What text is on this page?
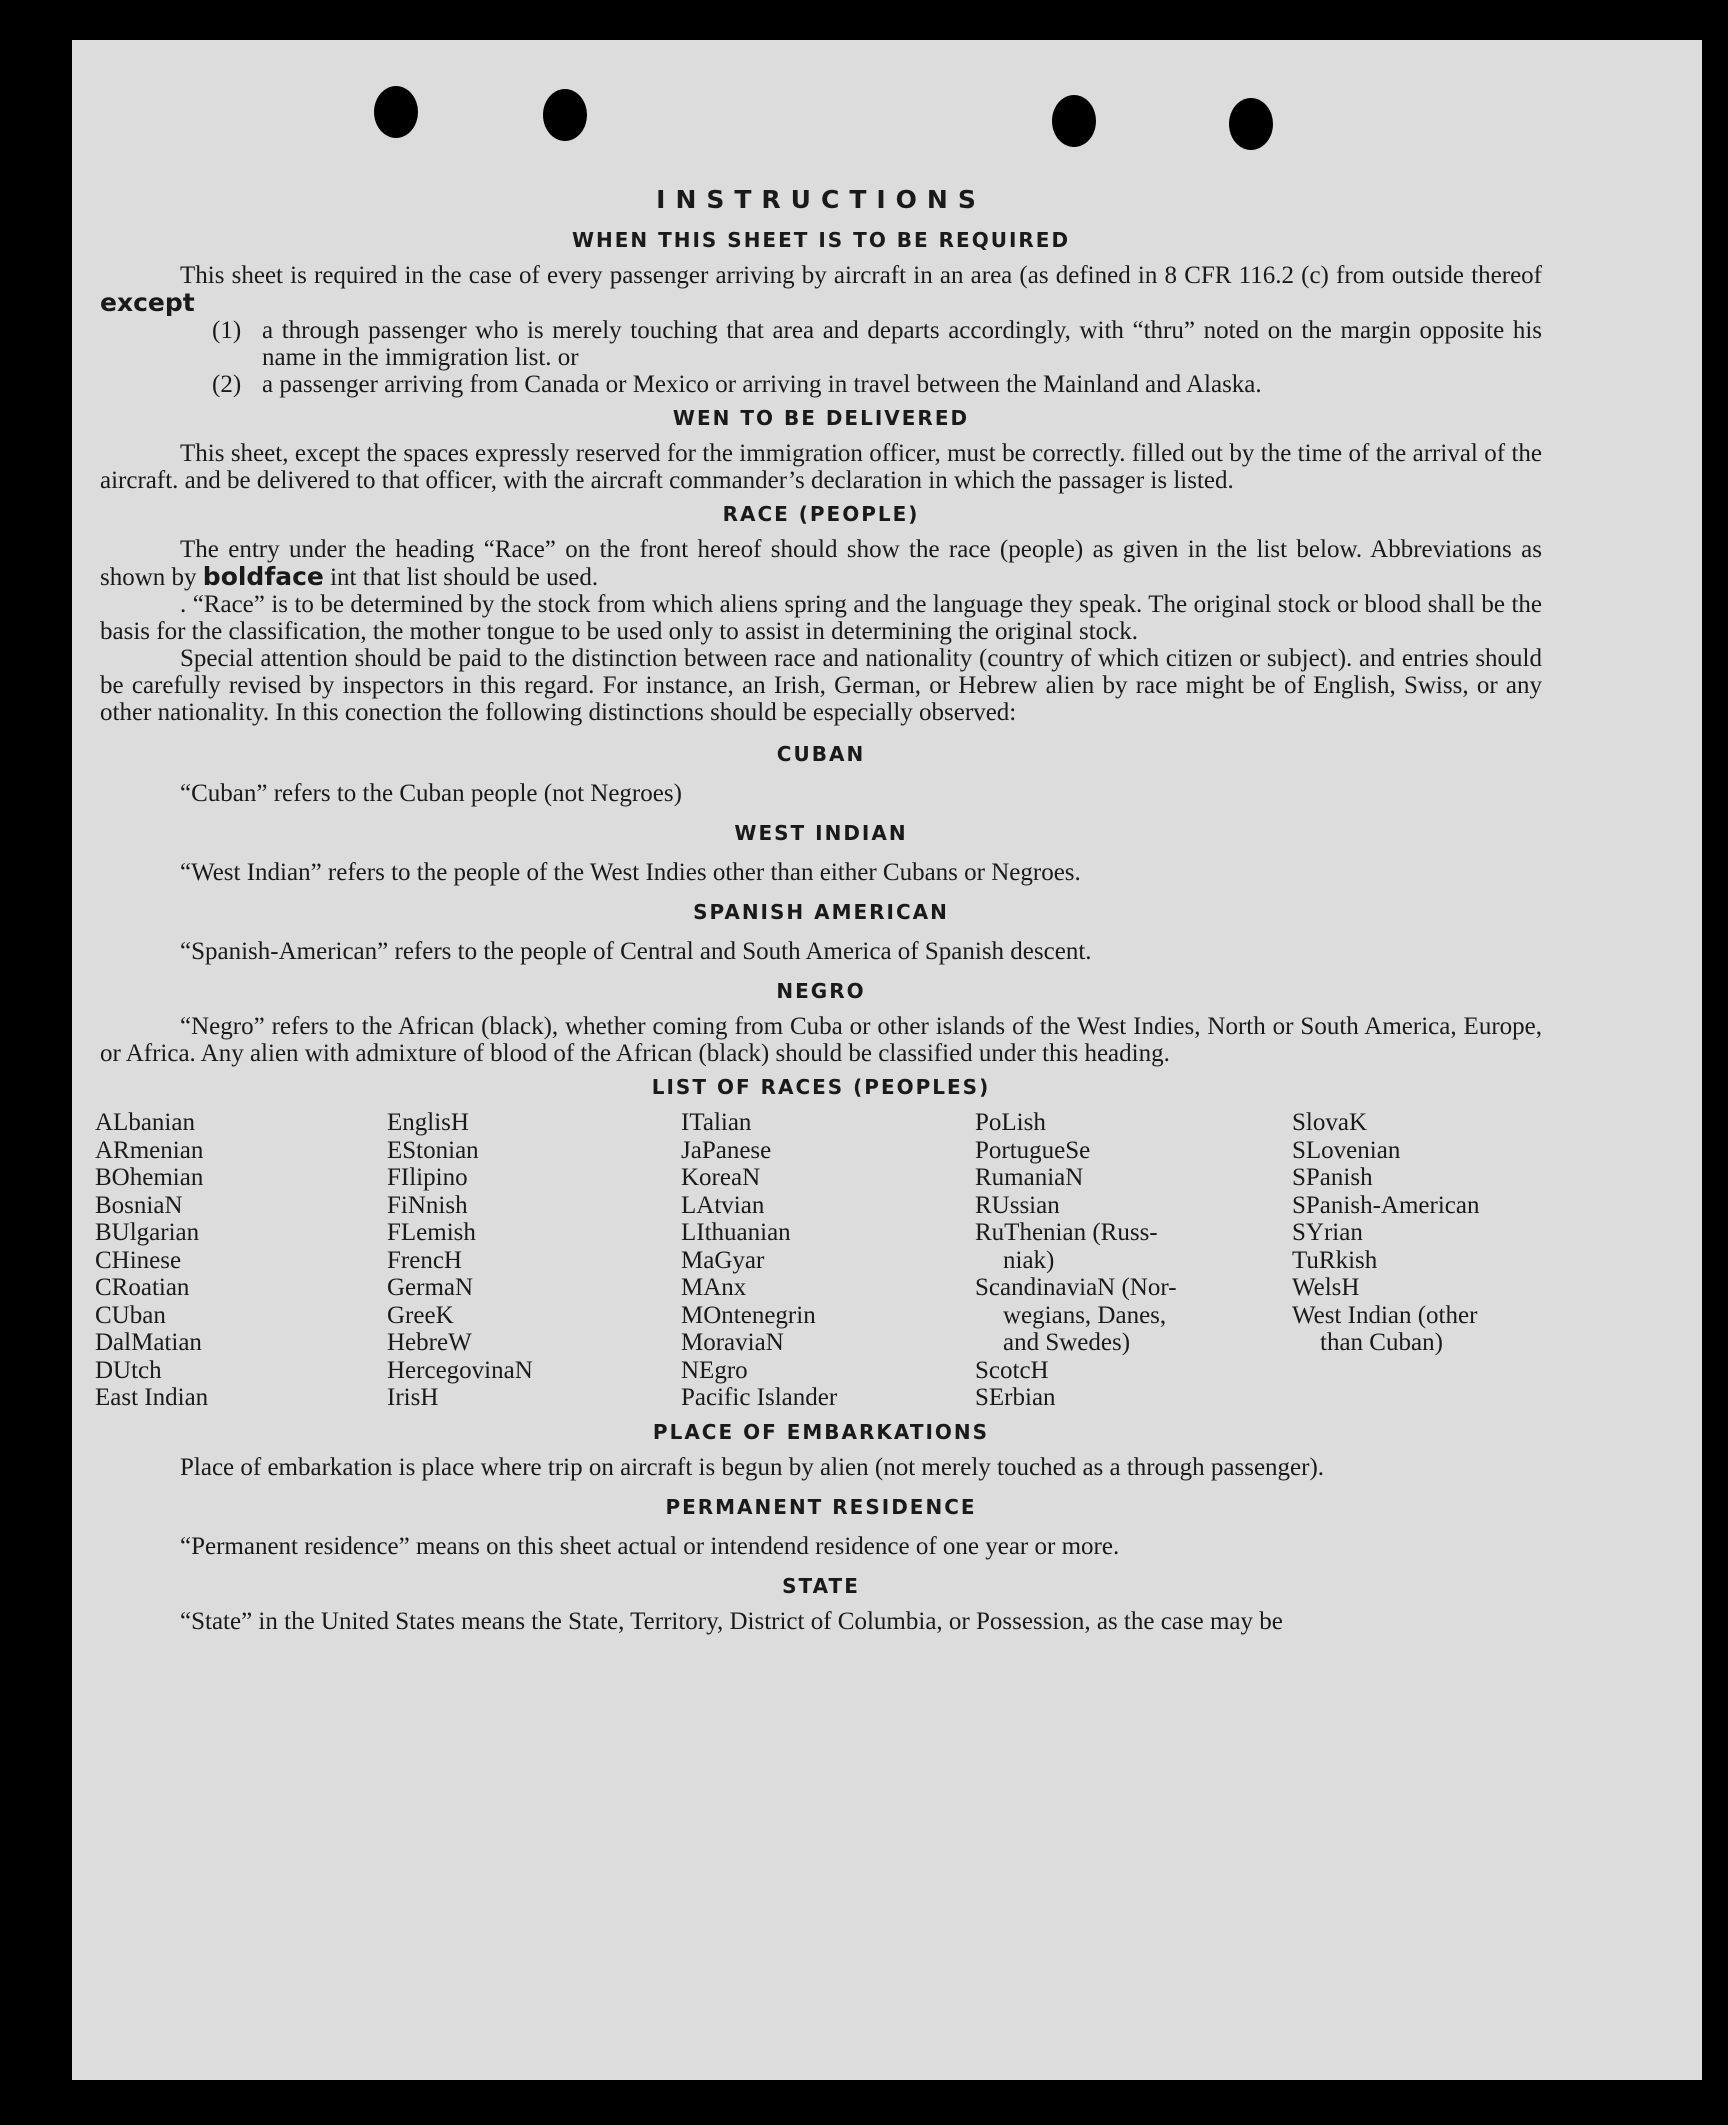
INSTRUCTIONS
WHEN THIS SHEET IS TO BE REQUIRED

This sheet is required in the case of every passenger arriving by aircraft in an area (as defined in 8 CFR 116.2 (c) from outside thereof except

(1) a through passenger who is merely touching that area and departs accordingly, with “thru” noted on the margin opposite his name in the immigration list. or
(2) a passenger arriving from Canada or Mexico or arriving in travel between the Mainland and Alaska.
WEN TO BE DELIVERED

This sheet, except the spaces expressly reserved for the immigration officer, must be correctly. filled out by the time of the arrival of the aircraft. and be delivered to that officer, with the aircraft commander’s declaration in which the passager is listed.

RACE (PEOPLE)

The entry under the heading “Race” on the front hereof should show the race (people) as given in the list below. Abbreviations as shown by boldface int that list should be used.

. “Race” is to be determined by the stock from which aliens spring and the language they speak. The original stock or blood shall be the basis for the classification, the mother tongue to be used only to assist in determining the original stock.

Special attention should be paid to the distinction between race and nationality (country of which citizen or subject). and entries should be carefully revised by inspectors in this regard. For instance, an Irish, German, or Hebrew alien by race might be of English, Swiss, or any other nationality. In this conection the following distinctions should be especially observed:

CUBAN
“Cuban” refers to the Cuban people (not Negroes)
WEST INDIAN
“West Indian” refers to the people of the West Indies other than either Cubans or Negroes.
SPANISH AMERICAN
“Spanish-American” refers to the people of Central and South America of Spanish descent.
NEGRO

“Negro” refers to the African (black), whether coming from Cuba or other islands of the West Indies, North or South America, Europe, or Africa. Any alien with admixture of blood of the African (black) should be classified under this heading.

LIST OF RACES (PEOPLES)
ALbanian
ARmenian
BOhemian
BosniaN
BUlgarian
CHinese
CRoatian
CUban
DalMatian
DUtch
East Indian
EnglisH
EStonian
FIlipino
FiNnish
FLemish
FrencH
GermaN
GreeK
HebreW
HercegovinaN
IrisH
ITalian
JaPanese
KoreaN
LAtvian
LIthuanian
MaGyar
MAnx
MOntenegrin
MoraviaN
NEgro
Pacific Islander
PoLish
PortugueSe
RumaniaN
RUssian
RuThenian (Russ-
niak)
ScandinaviaN (Nor-
wegians, Danes,
and Swedes)
ScotcH
SErbian
SlovaK
SLovenian
SPanish
SPanish-American
SYrian
TuRkish
WelsH
West Indian (other
than Cuban)
PLACE OF EMBARKATIONS

Place of embarkation is place where trip on aircraft is begun by alien (not merely touched as a through passenger).

PERMANENT RESIDENCE
“Permanent residence” means on this sheet actual or intendend residence of one year or more.
STATE

“State” in the United States means the State, Territory, District of Columbia, or Possession, as the case may be
